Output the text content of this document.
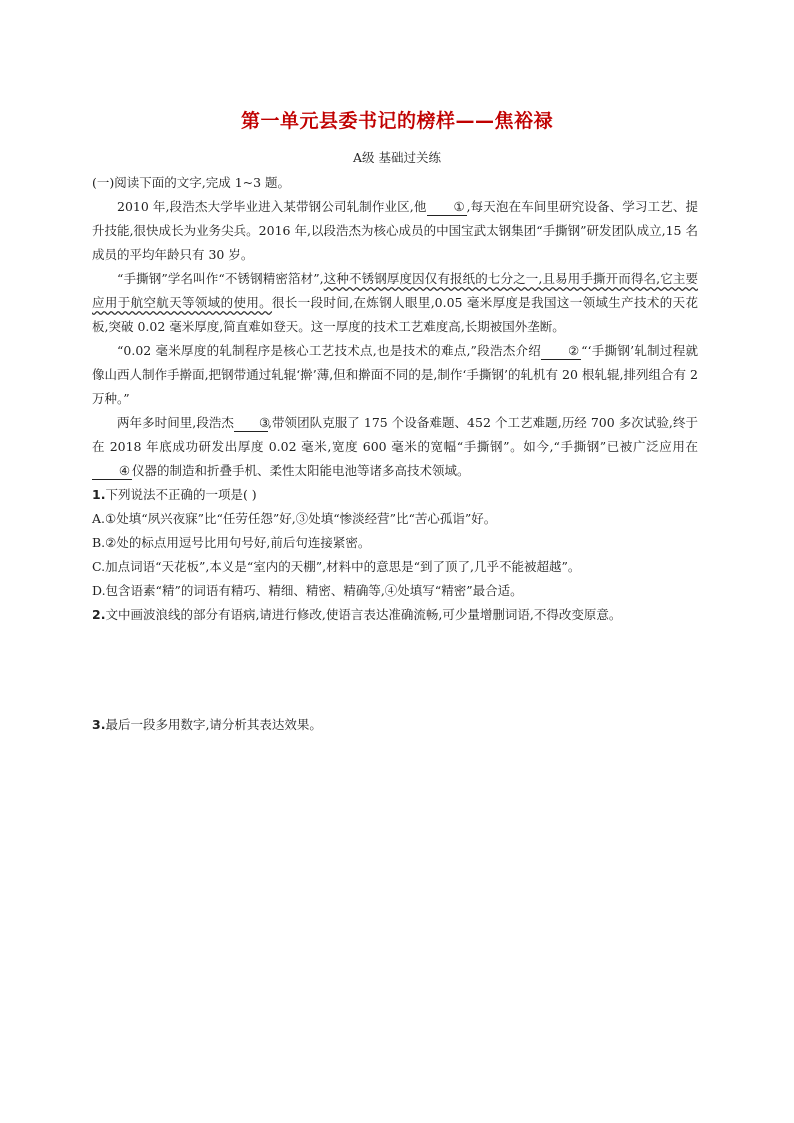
第一单元县委书记的榜样——焦裕禄
A级 基础过关练

(一)阅读下面的文字,完成 1~3 题。

2010 年,段浩杰大学毕业进入某带钢公司轧制作业区,他 ① ,每天泡在车间里研究设备、学习工艺、提升技能,很快成长为业务尖兵。2016 年,以段浩杰为核心成员的中国宝武太钢集团“手撕钢”研发团队成立,15 名成员的平均年龄只有 30 岁。

“手撕钢”学名叫作“不锈钢精密箔材”,这种不锈钢厚度因仅有报纸的七分之一,且易用手撕开而得名,它主要应用于航空航天等领域的使用。很长一段时间,在炼钢人眼里,0.05 毫米厚度是我国这一领域生产技术的天花板,突破 0.02 毫米厚度,简直难如登天。这一厚度的技术工艺难度高,长期被国外垄断。

“0.02 毫米厚度的轧制程序是核心工艺技术点,也是技术的难点,”段浩杰介绍 ② “‘手撕钢’轧制过程就像山西人制作手擀面,把钢带通过轧辊‘擀’薄,但和擀面不同的是,制作‘手撕钢’的轧机有 20 根轧辊,排列组合有 2 万种。”

两年多时间里,段浩杰 ③,带领团队克服了 175 个设备难题、452 个工艺难题,历经 700 多次试验,终于在 2018 年底成功研发出厚度 0.02 毫米,宽度 600 毫米的宽幅“手撕钢”。如今,“手撕钢”已被广泛应用在④ 仪器的制造和折叠手机、柔性太阳能电池等诸多高技术领域。

1.下列说法不正确的一项是( )

A.①处填“夙兴夜寐”比“任劳任怨”好,③处填“惨淡经营”比“苦心孤诣”好。

B.②处的标点用逗号比用句号好,前后句连接紧密。

C.加点词语“天花板”,本义是“室内的天棚”,材料中的意思是“到了顶了,几乎不能被超越”。

D.包含语素“精”的词语有精巧、精细、精密、精确等,④处填写“精密”最合适。

2.文中画波浪线的部分有语病,请进行修改,使语言表达准确流畅,可少量增删词语,不得改变原意。

3.最后一段多用数字,请分析其表达效果。
